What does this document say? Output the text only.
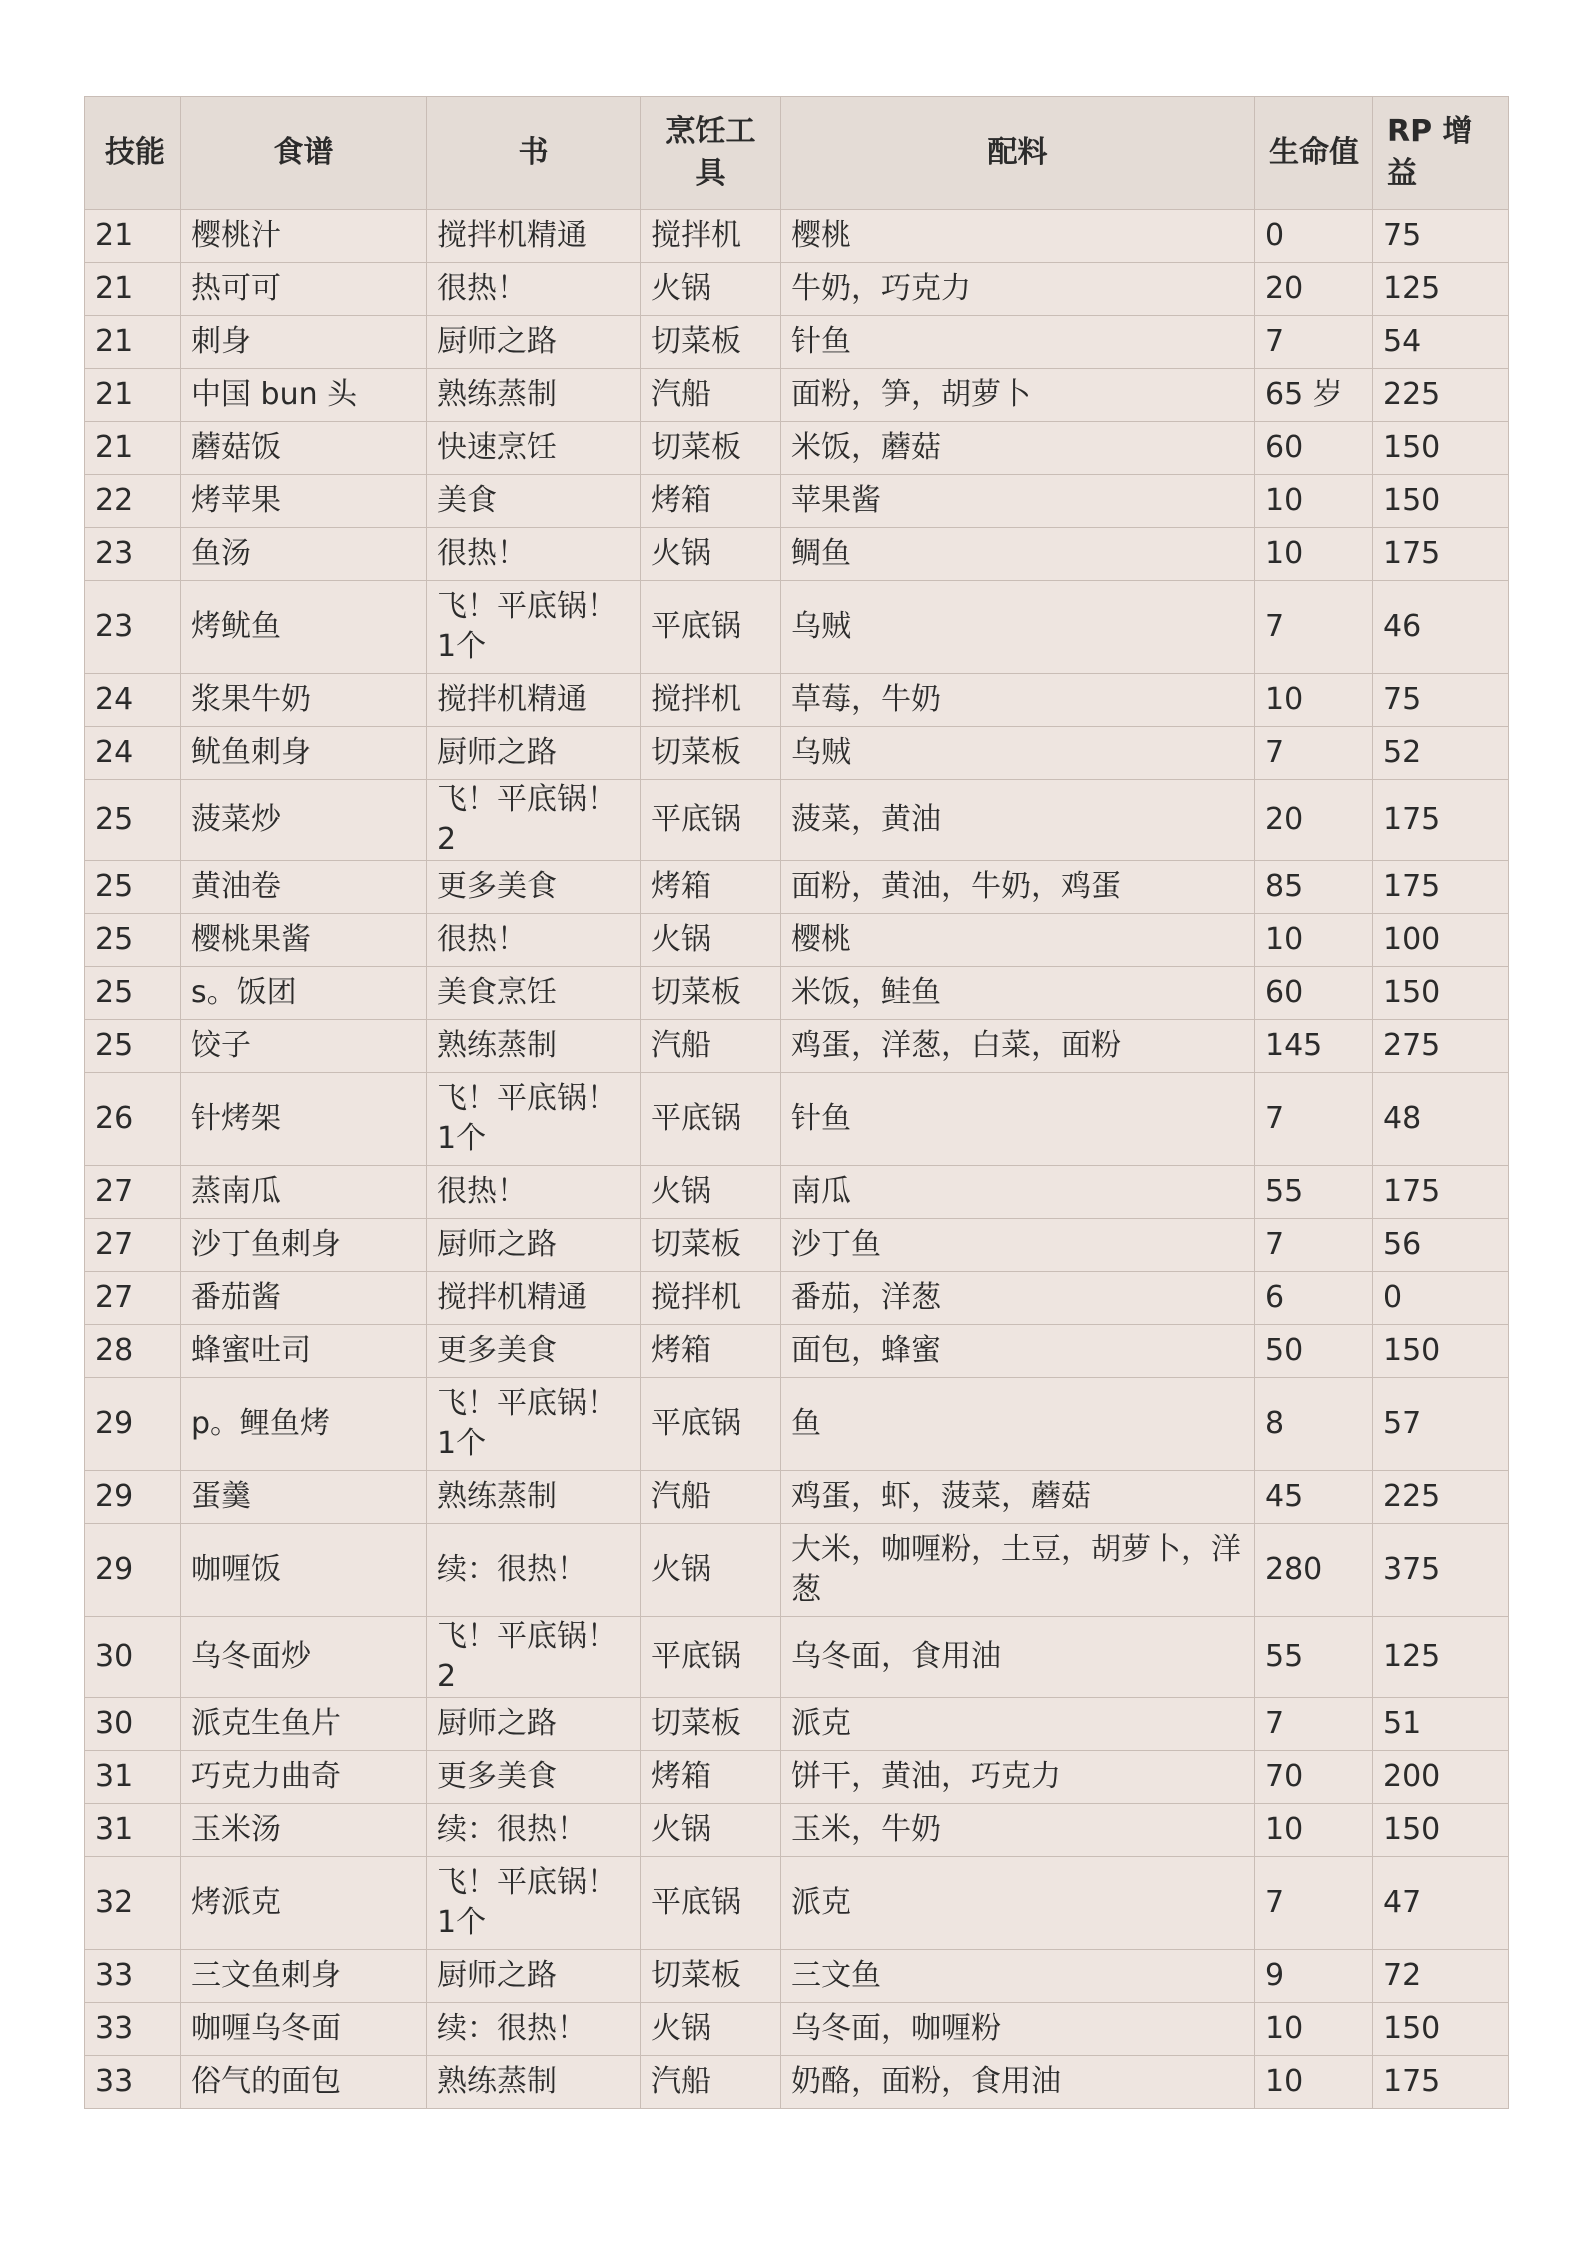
技能	食谱	书	烹饪工具	配料	生命值	RP 增益
21	樱桃汁	搅拌机精通	搅拌机	樱桃	0	75
21	热可可	很热！	火锅	牛奶，巧克力	20	125
21	刺身	厨师之路	切菜板	针鱼	7	54
21	中国 bun 头	熟练蒸制	汽船	面粉，笋，胡萝卜	65 岁	225
21	蘑菇饭	快速烹饪	切菜板	米饭，蘑菇	60	150
22	烤苹果	美食	烤箱	苹果酱	10	150
23	鱼汤	很热！	火锅	鲷鱼	10	175
23	烤鱿鱼	飞！平底锅！1个	平底锅	乌贼	7	46
24	浆果牛奶	搅拌机精通	搅拌机	草莓，牛奶	10	75
24	鱿鱼刺身	厨师之路	切菜板	乌贼	7	52
25	菠菜炒	飞！平底锅！2	平底锅	菠菜，黄油	20	175
25	黄油卷	更多美食	烤箱	面粉，黄油，牛奶，鸡蛋	85	175
25	樱桃果酱	很热！	火锅	樱桃	10	100
25	s。饭团	美食烹饪	切菜板	米饭，鲑鱼	60	150
25	饺子	熟练蒸制	汽船	鸡蛋，洋葱，白菜，面粉	145	275
26	针烤架	飞！平底锅！1个	平底锅	针鱼	7	48
27	蒸南瓜	很热！	火锅	南瓜	55	175
27	沙丁鱼刺身	厨师之路	切菜板	沙丁鱼	7	56
27	番茄酱	搅拌机精通	搅拌机	番茄，洋葱	6	0
28	蜂蜜吐司	更多美食	烤箱	面包，蜂蜜	50	150
29	p。鲤鱼烤	飞！平底锅！1个	平底锅	鱼	8	57
29	蛋羹	熟练蒸制	汽船	鸡蛋，虾，菠菜，蘑菇	45	225
29	咖喱饭	续：很热！	火锅	大米，咖喱粉，土豆，胡萝卜，洋葱	280	375
30	乌冬面炒	飞！平底锅！2	平底锅	乌冬面，食用油	55	125
30	派克生鱼片	厨师之路	切菜板	派克	7	51
31	巧克力曲奇	更多美食	烤箱	饼干，黄油，巧克力	70	200
31	玉米汤	续：很热！	火锅	玉米，牛奶	10	150
32	烤派克	飞！平底锅！1个	平底锅	派克	7	47
33	三文鱼刺身	厨师之路	切菜板	三文鱼	9	72
33	咖喱乌冬面	续：很热！	火锅	乌冬面，咖喱粉	10	150
33	俗气的面包	熟练蒸制	汽船	奶酪，面粉，食用油	10	175
